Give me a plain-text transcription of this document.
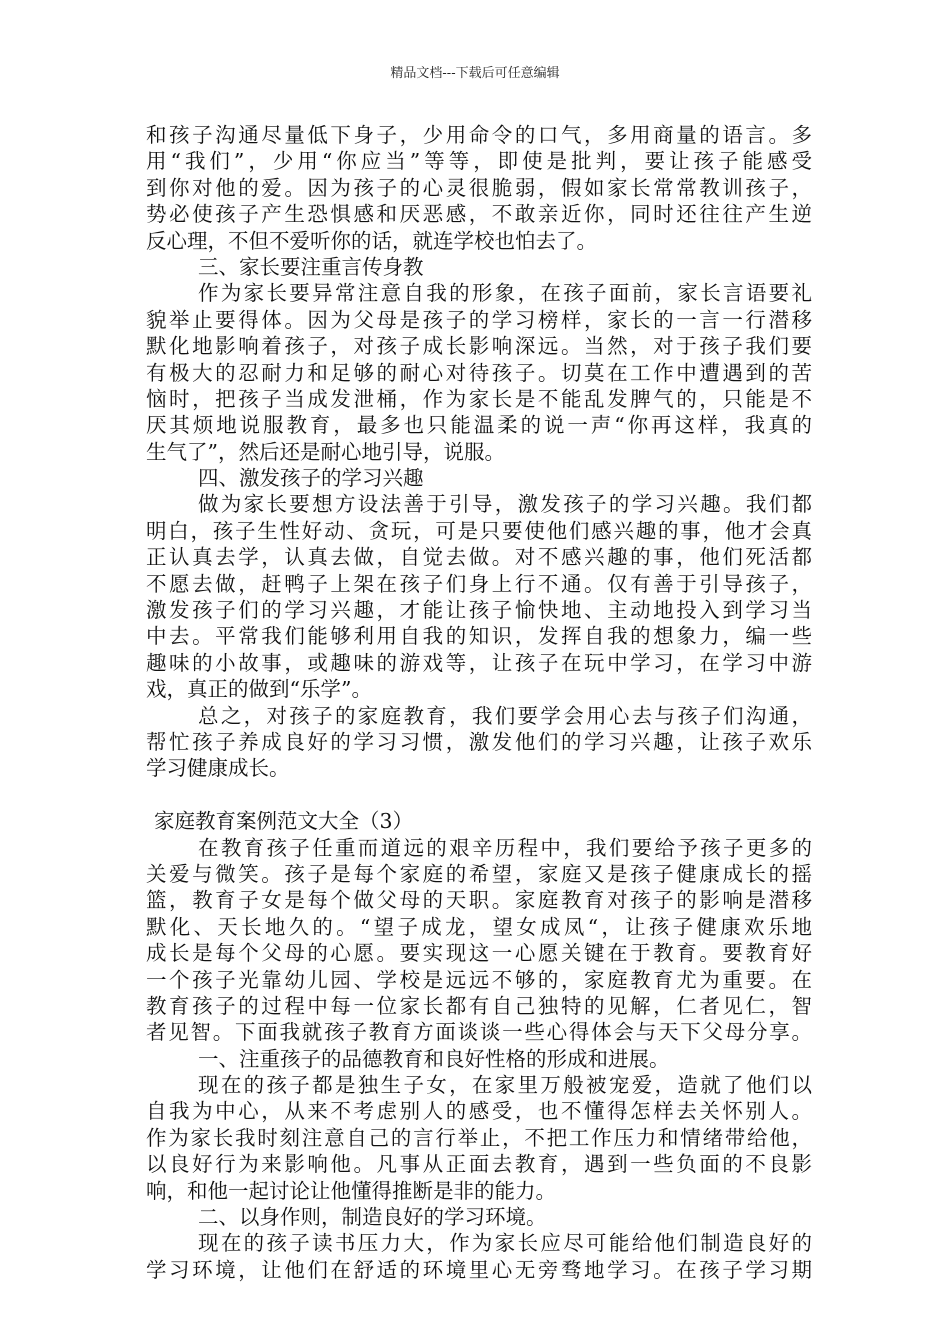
精品文档---下载后可任意编辑
和孩子沟通尽量低下身子，少用命令的口气，多用商量的语言。多
用“我们”，少用“你应当”等等，即使是批判，要让孩子能感受
到你对他的爱。因为孩子的心灵很脆弱，假如家长常常教训孩子，
势必使孩子产生恐惧感和厌恶感，不敢亲近你，同时还往往产生逆
反心理，不但不爱听你的话，就连学校也怕去了。
三、家长要注重言传身教
作为家长要异常注意自我的形象，在孩子面前，家长言语要礼
貌举止要得体。因为父母是孩子的学习榜样，家长的一言一行潜移
默化地影响着孩子，对孩子成长影响深远。当然，对于孩子我们要
有极大的忍耐力和足够的耐心对待孩子。切莫在工作中遭遇到的苦
恼时，把孩子当成发泄桶，作为家长是不能乱发脾气的，只能是不
厌其烦地说服教育，最多也只能温柔的说一声“你再这样，我真的
生气了”，然后还是耐心地引导，说服。
四、激发孩子的学习兴趣
做为家长要想方设法善于引导，激发孩子的学习兴趣。我们都
明白，孩子生性好动、贪玩，可是只要使他们感兴趣的事，他才会真
正认真去学，认真去做，自觉去做。对不感兴趣的事，他们死活都
不愿去做，赶鸭子上架在孩子们身上行不通。仅有善于引导孩子，
激发孩子们的学习兴趣，才能让孩子愉快地、主动地投入到学习当
中去。平常我们能够利用自我的知识，发挥自我的想象力，编一些
趣味的小故事，或趣味的游戏等，让孩子在玩中学习，在学习中游
戏，真正的做到“乐学”。
总之，对孩子的家庭教育，我们要学会用心去与孩子们沟通，
帮忙孩子养成良好的学习习惯，激发他们的学习兴趣，让孩子欢乐
学习健康成长。
家庭教育案例范文大全（3）
在教育孩子任重而道远的艰辛历程中，我们要给予孩子更多的
关爱与微笑。孩子是每个家庭的希望，家庭又是孩子健康成长的摇
篮，教育子女是每个做父母的天职。家庭教育对孩子的影响是潜移
默化、天长地久的。“望子成龙，望女成凤“，让孩子健康欢乐地
成长是每个父母的心愿。要实现这一心愿关键在于教育。要教育好
一个孩子光靠幼儿园、学校是远远不够的，家庭教育尤为重要。在
教育孩子的过程中每一位家长都有自己独特的见解，仁者见仁，智
者见智。下面我就孩子教育方面谈谈一些心得体会与天下父母分享。
一、注重孩子的品德教育和良好性格的形成和进展。
现在的孩子都是独生子女，在家里万般被宠爱，造就了他们以
自我为中心，从来不考虑别人的感受，也不懂得怎样去关怀别人。
作为家长我时刻注意自己的言行举止，不把工作压力和情绪带给他，
以良好行为来影响他。凡事从正面去教育，遇到一些负面的不良影
响，和他一起讨论让他懂得推断是非的能力。
二、以身作则，制造良好的学习环境。
现在的孩子读书压力大，作为家长应尽可能给他们制造良好的
学习环境，让他们在舒适的环境里心无旁骛地学习。在孩子学习期
